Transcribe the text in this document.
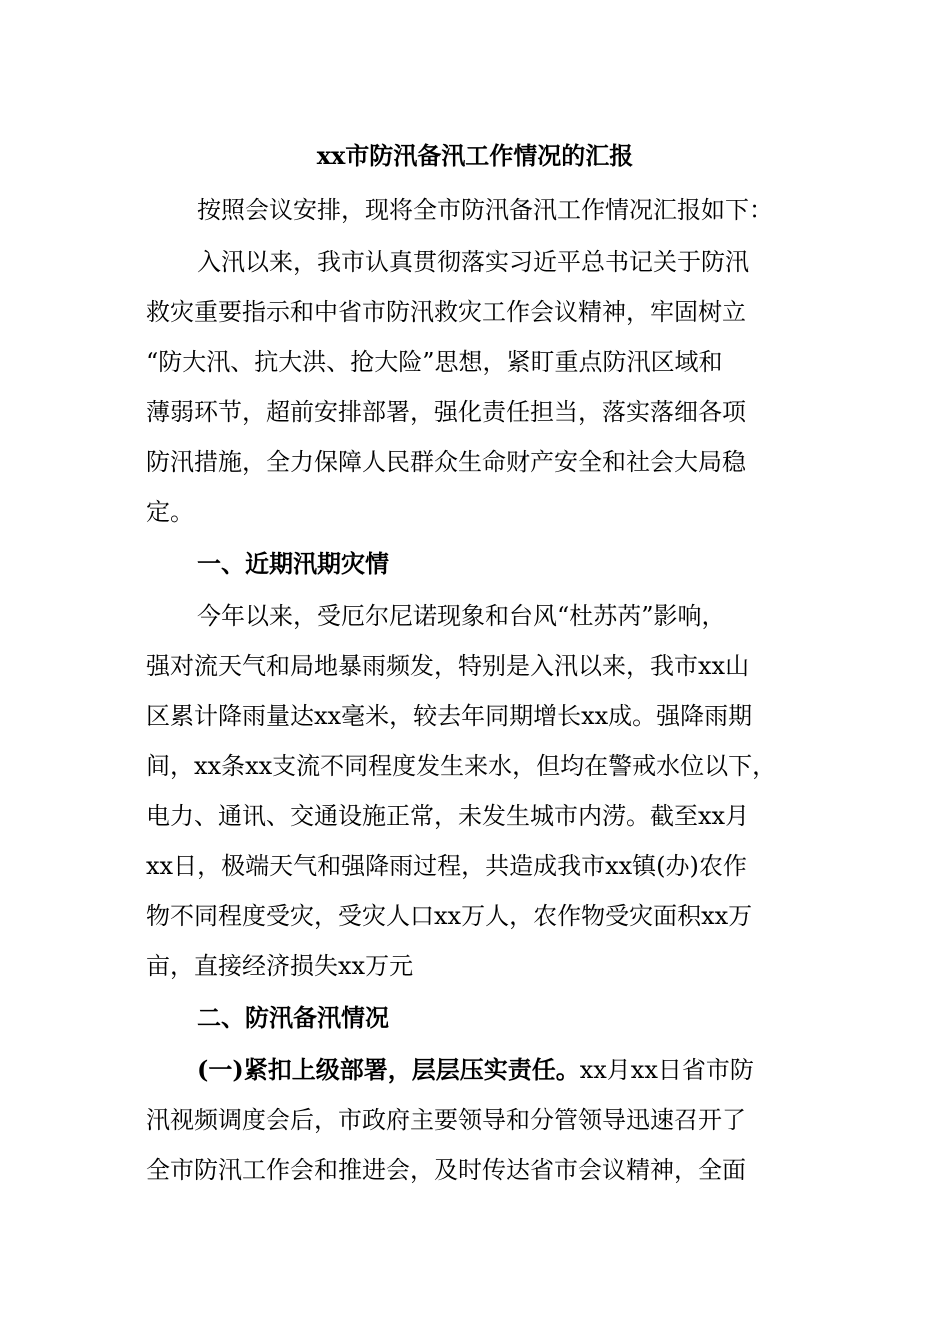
xx市防汛备汛工作情况的汇报
按照会议安排，现将全市防汛备汛工作情况汇报如下：
入汛以来，我市认真贯彻落实习近平总书记关于防汛
救灾重要指示和中省市防汛救灾工作会议精神，牢固树立
“防大汛、抗大洪、抢大险”思想，紧盯重点防汛区域和
薄弱环节，超前安排部署，强化责任担当，落实落细各项
防汛措施，全力保障人民群众生命财产安全和社会大局稳
定。
一、近期汛期灾情
今年以来，受厄尔尼诺现象和台风“杜苏芮”影响，
强对流天气和局地暴雨频发，特别是入汛以来，我市xx山
区累计降雨量达xx毫米，较去年同期增长xx成。强降雨期
间，xx条xx支流不同程度发生来水，但均在警戒水位以下，
电力、通讯、交通设施正常，未发生城市内涝。截至xx月
xx日，极端天气和强降雨过程，共造成我市xx镇(办)农作
物不同程度受灾，受灾人口xx万人，农作物受灾面积xx万
亩，直接经济损失xx万元
二、防汛备汛情况
(一)紧扣上级部署，层层压实责任。xx月xx日省市防
汛视频调度会后，市政府主要领导和分管领导迅速召开了
全市防汛工作会和推进会，及时传达省市会议精神，全面
